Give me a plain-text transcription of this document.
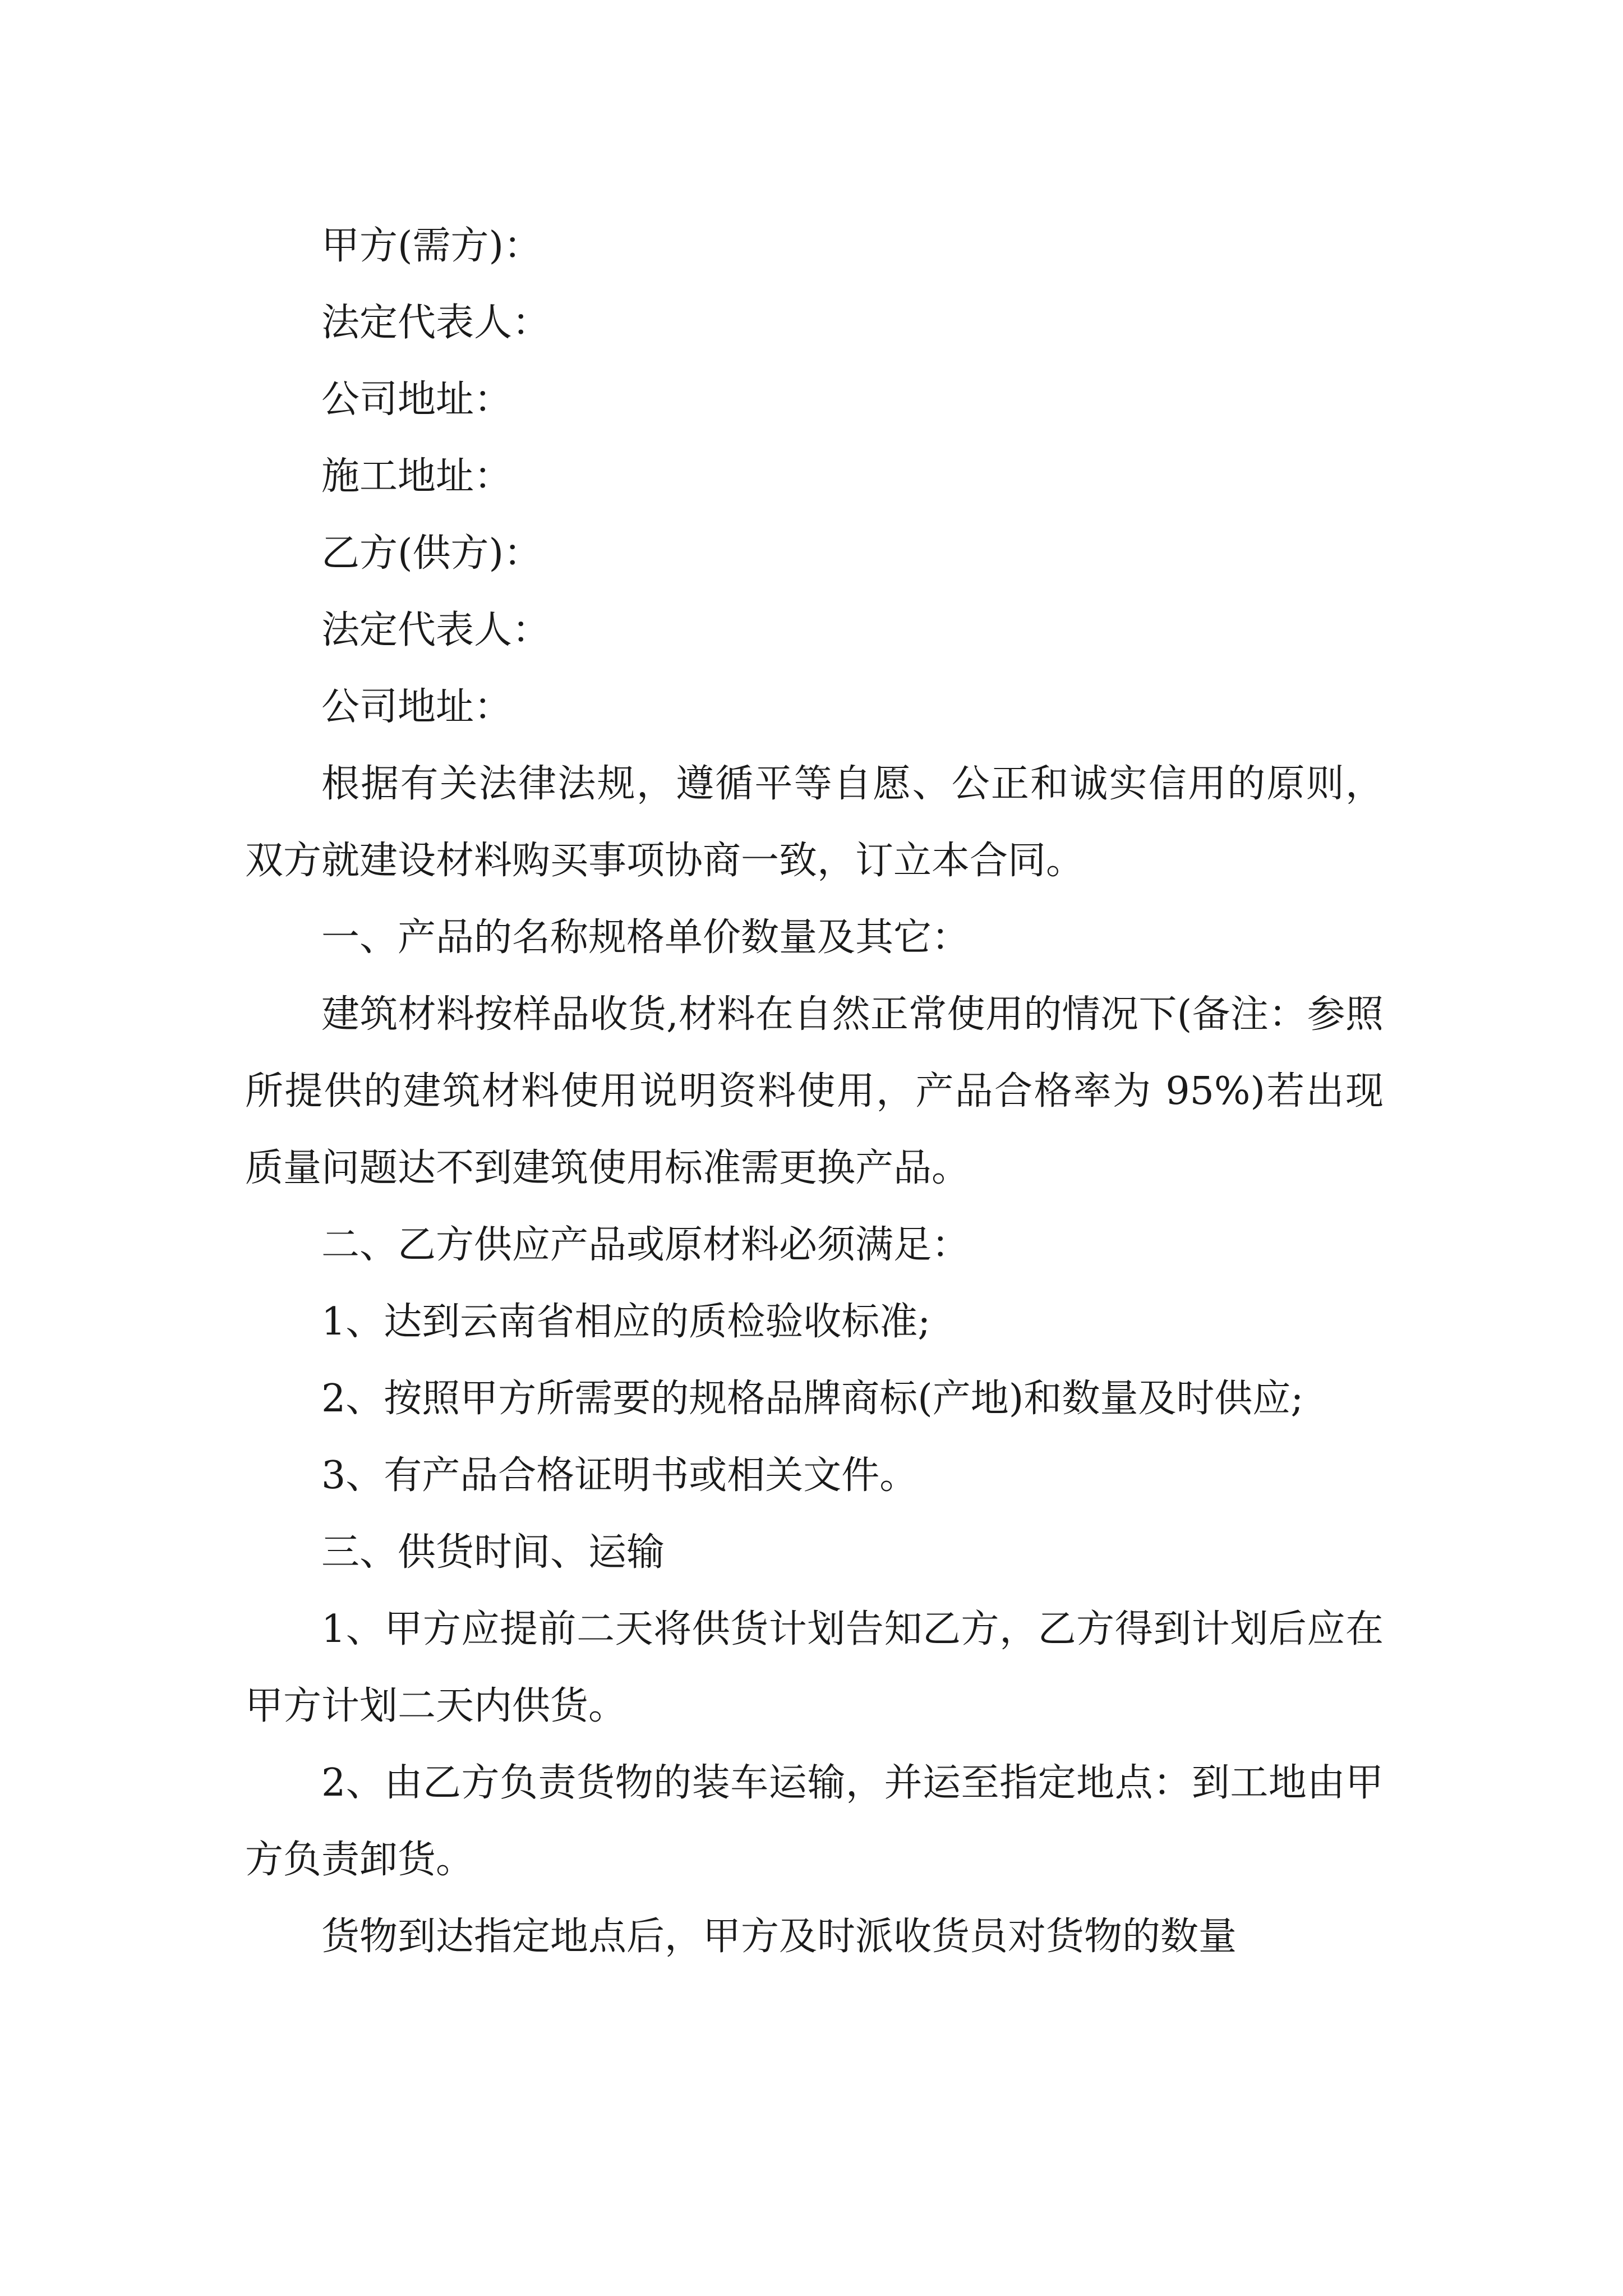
甲方(需方)：

法定代表人：

公司地址：

施工地址：

乙方(供方)：

法定代表人：

公司地址：

根据有关法律法规，遵循平等自愿、公正和诚实信用的原则，双方就建设材料购买事项协商一致，订立本合同。

一、产品的名称规格单价数量及其它：

建筑材料按样品收货,材料在自然正常使用的情况下(备注：参照所提供的建筑材料使用说明资料使用，产品合格率为 95%)若出现质量问题达不到建筑使用标准需更换产品。

二、乙方供应产品或原材料必须满足：

1、达到云南省相应的质检验收标准;

2、按照甲方所需要的规格品牌商标(产地)和数量及时供应;

3、有产品合格证明书或相关文件。

三、供货时间、运输

1、甲方应提前二天将供货计划告知乙方，乙方得到计划后应在甲方计划二天内供货。

2、由乙方负责货物的装车运输，并运至指定地点：到工地由甲方负责卸货。

货物到达指定地点后，甲方及时派收货员对货物的数量
